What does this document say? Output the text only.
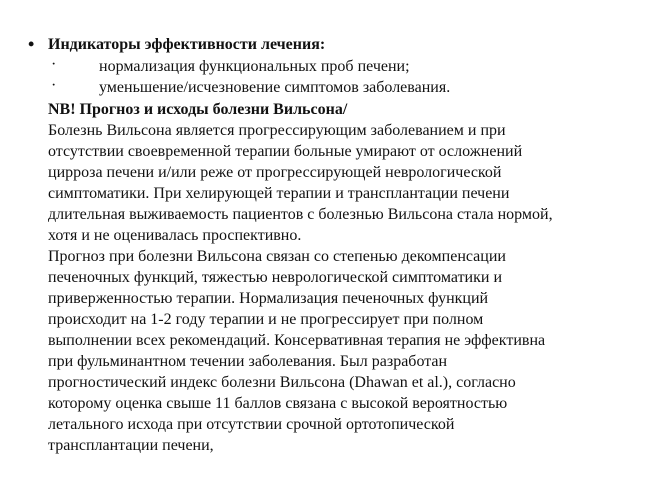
• Индикаторы эффективности лечения:
·	нормализация функциональных проб печени;
·	уменьшение/исчезновение симптомов заболевания.
NB! Прогноз и исходы болезни Вильсона/
Болезнь Вильсона является прогрессирующим заболеванием и при
отсутствии своевременной терапии больные умирают от осложнений
цирроза печени и/или реже от прогрессирующей неврологической
симптоматики. При хелирующей терапии и трансплантации печени
длительная выживаемость пациентов с болезнью Вильсона стала нормой,
хотя и не оценивалась проспективно.
Прогноз при болезни Вильсона связан со степенью декомпенсации
печеночных функций, тяжестью неврологической симптоматики и
приверженностью терапии. Нормализация печеночных функций
происходит на 1-2 году терапии и не прогрессирует при полном
выполнении всех рекомендаций. Консервативная терапия не эффективна
при фульминантном течении заболевания. Был разработан
прогностический индекс болезни Вильсона (Dhawan et al.), согласно
которому оценка свыше 11 баллов связана с высокой вероятностью
летального исхода при отсутствии срочной ортотопической
трансплантации печени,
